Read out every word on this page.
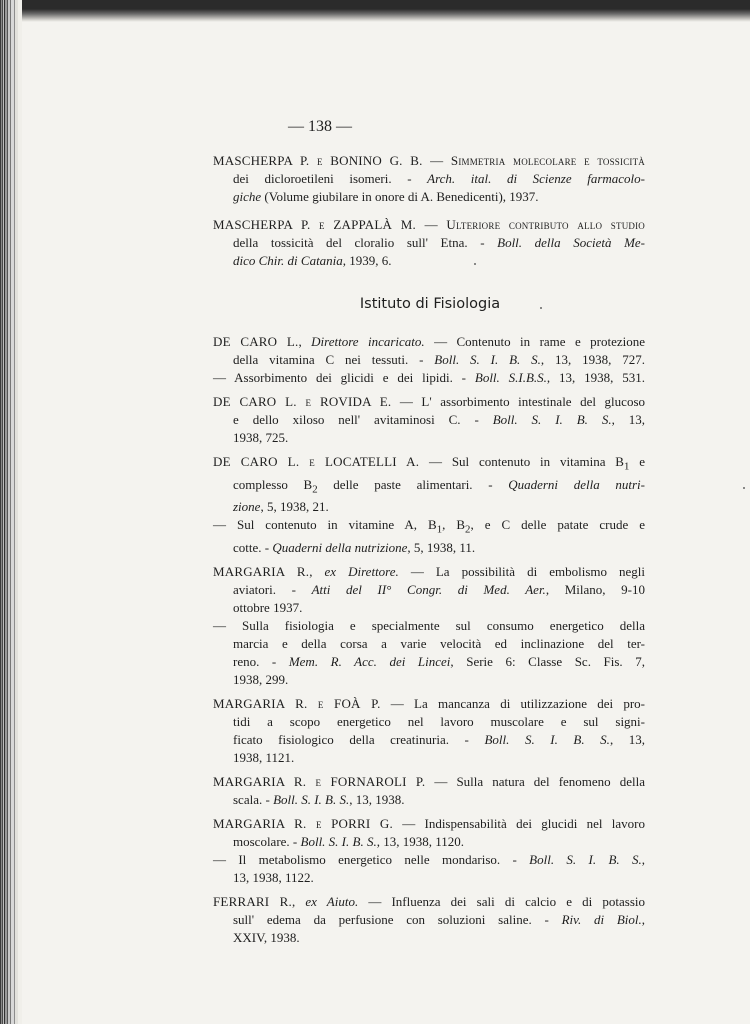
— 138 —
MASCHERPA P. e BONINO G. B. — Simmetria molecolare e tossicità
dei dicloroetileni isomeri. - Arch. ital. di Scienze farmacolo-
giche (Volume giubilare in onore di A. Benedicenti), 1937.
MASCHERPA P. e ZAPPALÀ M. — Ulteriore contributo allo studio
della tossicità del cloralio sull' Etna. - Boll. della Società Me-
dico Chir. di Catania, 1939, 6.
Istituto di Fisiologia
DE CARO L., Direttore incaricato. — Contenuto in rame e protezione
della vitamina C nei tessuti. - Boll. S. I. B. S., 13, 1938, 727.
— Assorbimento dei glicidi e dei lipidi. - Boll. S.I.B.S., 13, 1938, 531.
DE CARO L. e ROVIDA E. — L' assorbimento intestinale del glucoso
e dello xiloso nell' avitaminosi C. - Boll. S. I. B. S., 13,
1938, 725.
DE CARO L. e LOCATELLI A. — Sul contenuto in vitamina $B_1$ e
complesso $B_2$ delle paste alimentari. - Quaderni della nutri-
zione, 5, 1938, 21.
— Sul contenuto in vitamine A, $B_1$, $B_2$, e C delle patate crude e
cotte. - Quaderni della nutrizione, 5, 1938, 11.
MARGARIA R., ex Direttore. — La possibilità di embolismo negli
aviatori. - Atti del II° Congr. di Med. Aer., Milano, 9-10
ottobre 1937.
— Sulla fisiologia e specialmente sul consumo energetico della
marcia e della corsa a varie velocità ed inclinazione del ter-
reno. - Mem. R. Acc. dei Lincei, Serie 6: Classe Sc. Fis. 7,
1938, 299.
MARGARIA R. e FOÀ P. — La mancanza di utilizzazione dei pro-
tidi a scopo energetico nel lavoro muscolare e sul signi-
ficato fisiologico della creatinuria. - Boll. S. I. B. S., 13,
1938, 1121.
MARGARIA R. e FORNAROLI P. — Sulla natura del fenomeno della
scala. - Boll. S. I. B. S., 13, 1938.
MARGARIA R. e PORRI G. — Indispensabilità dei glucidi nel lavoro
moscolare. - Boll. S. I. B. S., 13, 1938, 1120.
— Il metabolismo energetico nelle mondariso. - Boll. S. I. B. S.,
13, 1938, 1122.
FERRARI R., ex Aiuto. — Influenza dei sali di calcio e di potassio
sull' edema da perfusione con soluzioni saline. - Riv. di Biol.,
XXIV, 1938.
